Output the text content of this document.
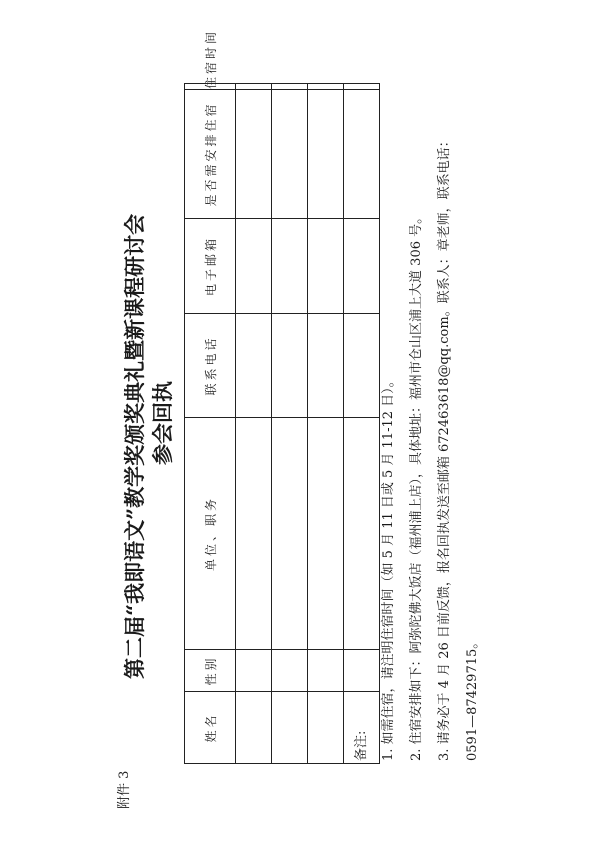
附件 3
第二届“我即语文”教学奖颁奖典礼暨新课程研讨会 参会回执
姓名	性别	单位、职务	联系电话	电子邮箱	是否需安排住宿	住宿时间

备注: 1. 如需住宿，请注明住宿时间（如 5 月 11 日或 5 月 11-12 日）。 2. 住宿安排如下：阿弥陀佛大饭店（福州浦上店），具体地址：福州市仓山区浦上大道 306 号。 3. 请务必于 4 月 26 日前反馈，报名回执发送至邮箱 672463618@qq.com。联系人：章老师，联系电话： 0591—87429715。
